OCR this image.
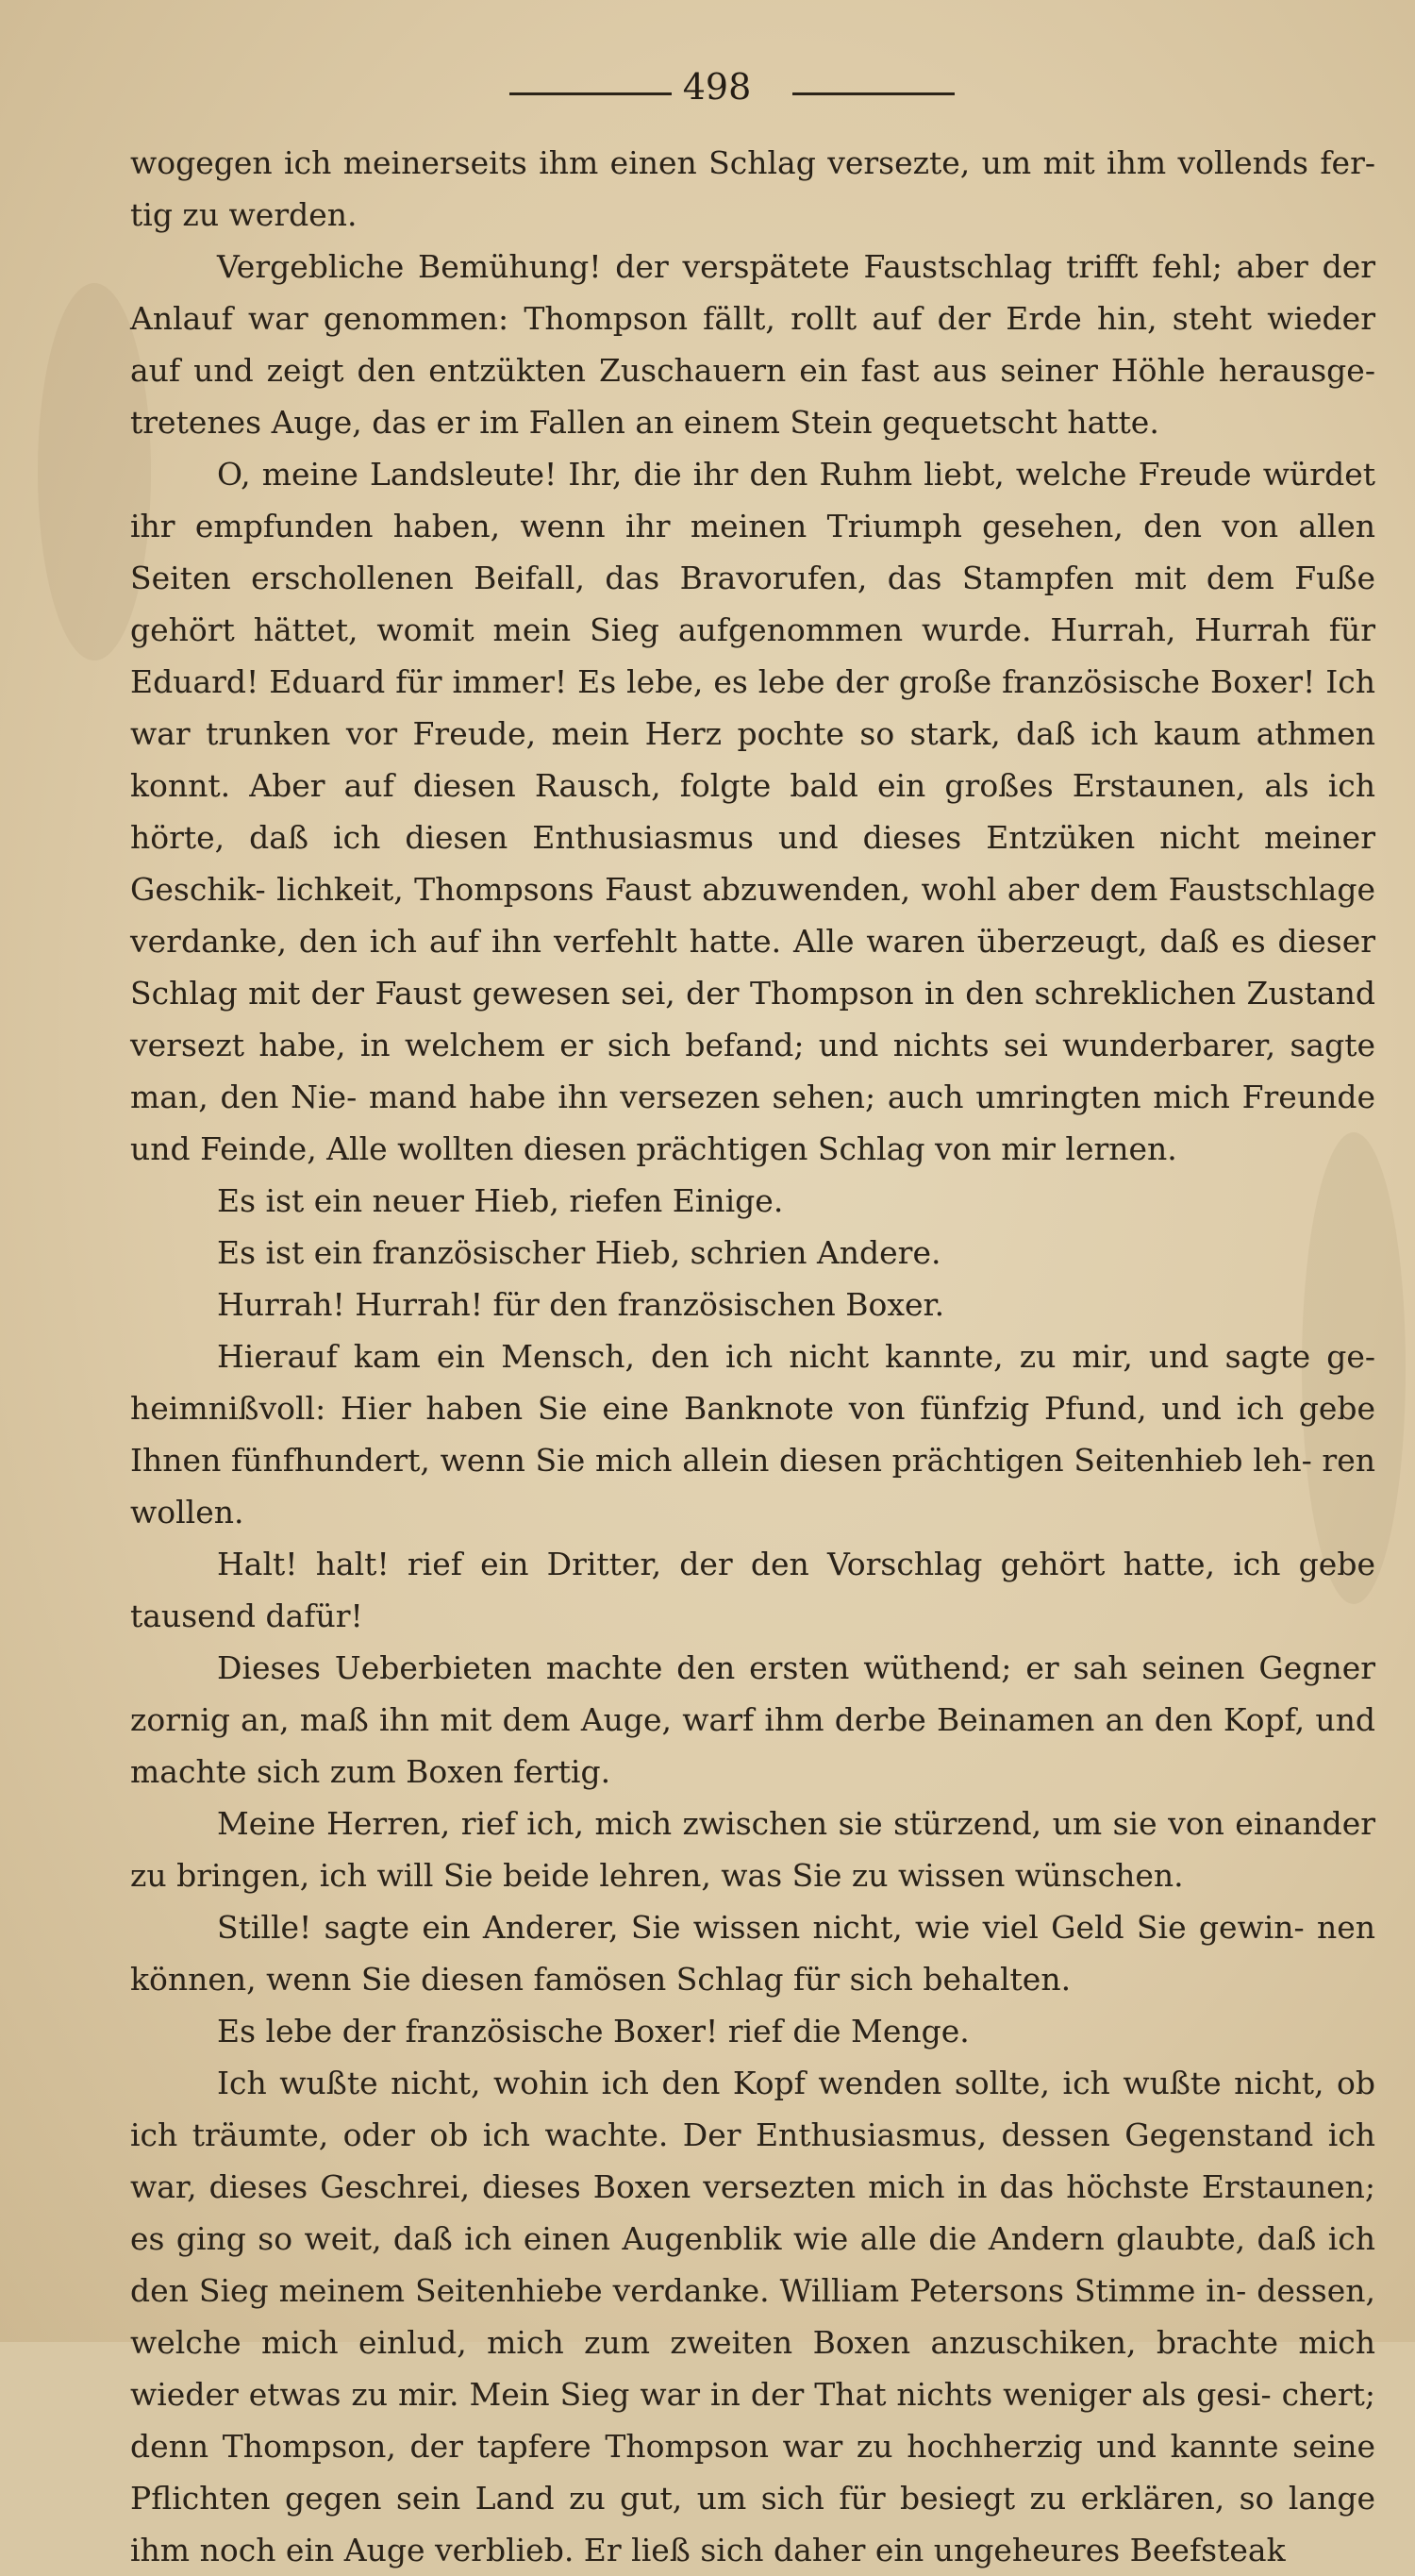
498

wogegen ich meinerseits ihm einen Schlag versezte, um mit ihm vollends fer- tig zu werden.

Vergebliche Bemühung! der verspätete Faustschlag trifft fehl; aber der Anlauf war genommen: Thompson fällt, rollt auf der Erde hin, steht wieder auf und zeigt den entzükten Zuschauern ein fast aus seiner Höhle herausge- tretenes Auge, das er im Fallen an einem Stein gequetscht hatte.

O, meine Landsleute! Ihr, die ihr den Ruhm liebt, welche Freude würdet ihr empfunden haben, wenn ihr meinen Triumph gesehen, den von allen Seiten erschollenen Beifall, das Bravorufen, das Stampfen mit dem Fuße gehört hättet, womit mein Sieg aufgenommen wurde. Hurrah, Hurrah für Eduard! Eduard für immer! Es lebe, es lebe der große französische Boxer! Ich war trunken vor Freude, mein Herz pochte so stark, daß ich kaum athmen konnt. Aber auf diesen Rausch, folgte bald ein großes Erstaunen, als ich hörte, daß ich diesen Enthusiasmus und dieses Entzüken nicht meiner Geschik- lichkeit, Thompsons Faust abzuwenden, wohl aber dem Faustschlage verdanke, den ich auf ihn verfehlt hatte. Alle waren überzeugt, daß es dieser Schlag mit der Faust gewesen sei, der Thompson in den schreklichen Zustand versezt habe, in welchem er sich befand; und nichts sei wunderbarer, sagte man, den Nie- mand habe ihn versezen sehen; auch umringten mich Freunde und Feinde, Alle wollten diesen prächtigen Schlag von mir lernen.

Es ist ein neuer Hieb, riefen Einige.

Es ist ein französischer Hieb, schrien Andere.

Hurrah! Hurrah! für den französischen Boxer.

Hierauf kam ein Mensch, den ich nicht kannte, zu mir, und sagte ge- heimnißvoll: Hier haben Sie eine Banknote von fünfzig Pfund, und ich gebe Ihnen fünfhundert, wenn Sie mich allein diesen prächtigen Seitenhieb leh- ren wollen.

Halt! halt! rief ein Dritter, der den Vorschlag gehört hatte, ich gebe tausend dafür!

Dieses Ueberbieten machte den ersten wüthend; er sah seinen Gegner zornig an, maß ihn mit dem Auge, warf ihm derbe Beinamen an den Kopf, und machte sich zum Boxen fertig.

Meine Herren, rief ich, mich zwischen sie stürzend, um sie von einander zu bringen, ich will Sie beide lehren, was Sie zu wissen wünschen.

Stille! sagte ein Anderer, Sie wissen nicht, wie viel Geld Sie gewin- nen können, wenn Sie diesen famösen Schlag für sich behalten.

Es lebe der französische Boxer! rief die Menge.

Ich wußte nicht, wohin ich den Kopf wenden sollte, ich wußte nicht, ob ich träumte, oder ob ich wachte. Der Enthusiasmus, dessen Gegenstand ich war, dieses Geschrei, dieses Boxen versezten mich in das höchste Erstaunen; es ging so weit, daß ich einen Augenblik wie alle die Andern glaubte, daß ich den Sieg meinem Seitenhiebe verdanke. William Petersons Stimme in- dessen, welche mich einlud, mich zum zweiten Boxen anzuschiken, brachte mich wieder etwas zu mir. Mein Sieg war in der That nichts weniger als gesi- chert; denn Thompson, der tapfere Thompson war zu hochherzig und kannte seine Pflichten gegen sein Land zu gut, um sich für besiegt zu erklären, so lange ihm noch ein Auge verblieb. Er ließ sich daher ein ungeheures Beefsteak
